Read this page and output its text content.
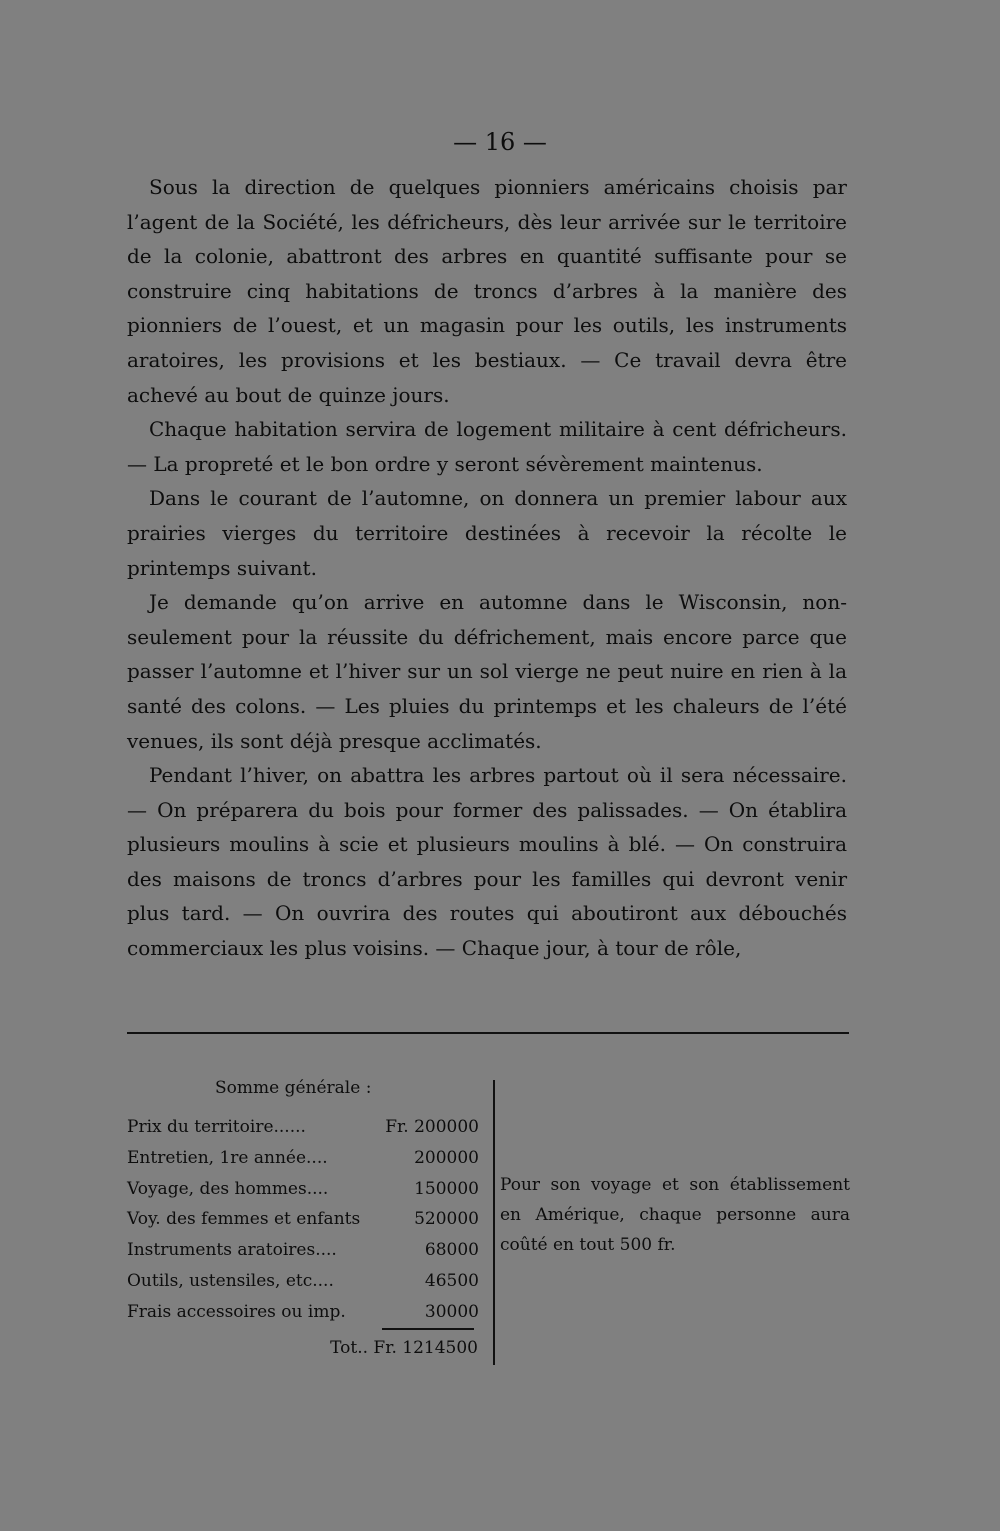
— 16 —

Sous la direction de quelques pionniers américains choisis par l’agent de la Société, les défricheurs, dès leur arrivée sur le territoire de la colonie, abattront des arbres en quantité suffisante pour se construire cinq habitations de troncs d’arbres à la manière des pionniers de l’ouest, et un magasin pour les outils, les instruments aratoires, les provisions et les bestiaux. — Ce travail devra être achevé au bout de quinze jours.

Chaque habitation servira de logement militaire à cent défricheurs. — La propreté et le bon ordre y seront sévèrement maintenus.

Dans le courant de l’automne, on donnera un premier labour aux prairies vierges du territoire destinées à recevoir la récolte le printemps suivant.

Je demande qu’on arrive en automne dans le Wisconsin, non-seulement pour la réussite du défrichement, mais encore parce que passer l’automne et l’hiver sur un sol vierge ne peut nuire en rien à la santé des colons. — Les pluies du printemps et les chaleurs de l’été venues, ils sont déjà presque acclimatés.

Pendant l’hiver, on abattra les arbres partout où il sera nécessaire. — On préparera du bois pour former des palissades. — On établira plusieurs moulins à scie et plusieurs moulins à blé. — On construira des maisons de troncs d’arbres pour les familles qui devront venir plus tard. — On ouvrira des routes qui aboutiront aux débouchés commerciaux les plus voisins. — Chaque jour, à tour de rôle,

Somme générale :
Prix du territoire......	Fr. 200000
Entretien, 1re année....	200000
Voyage, des hommes....	150000
Voy. des femmes et enfants	520000
Instruments aratoires....	68000
Outils, ustensiles, etc....	46500
Frais accessoires ou imp.	30000
Tot.. Fr. 1214500
Pour son voyage et son établissement en Amérique, chaque personne aura coûté en tout 500 fr.
